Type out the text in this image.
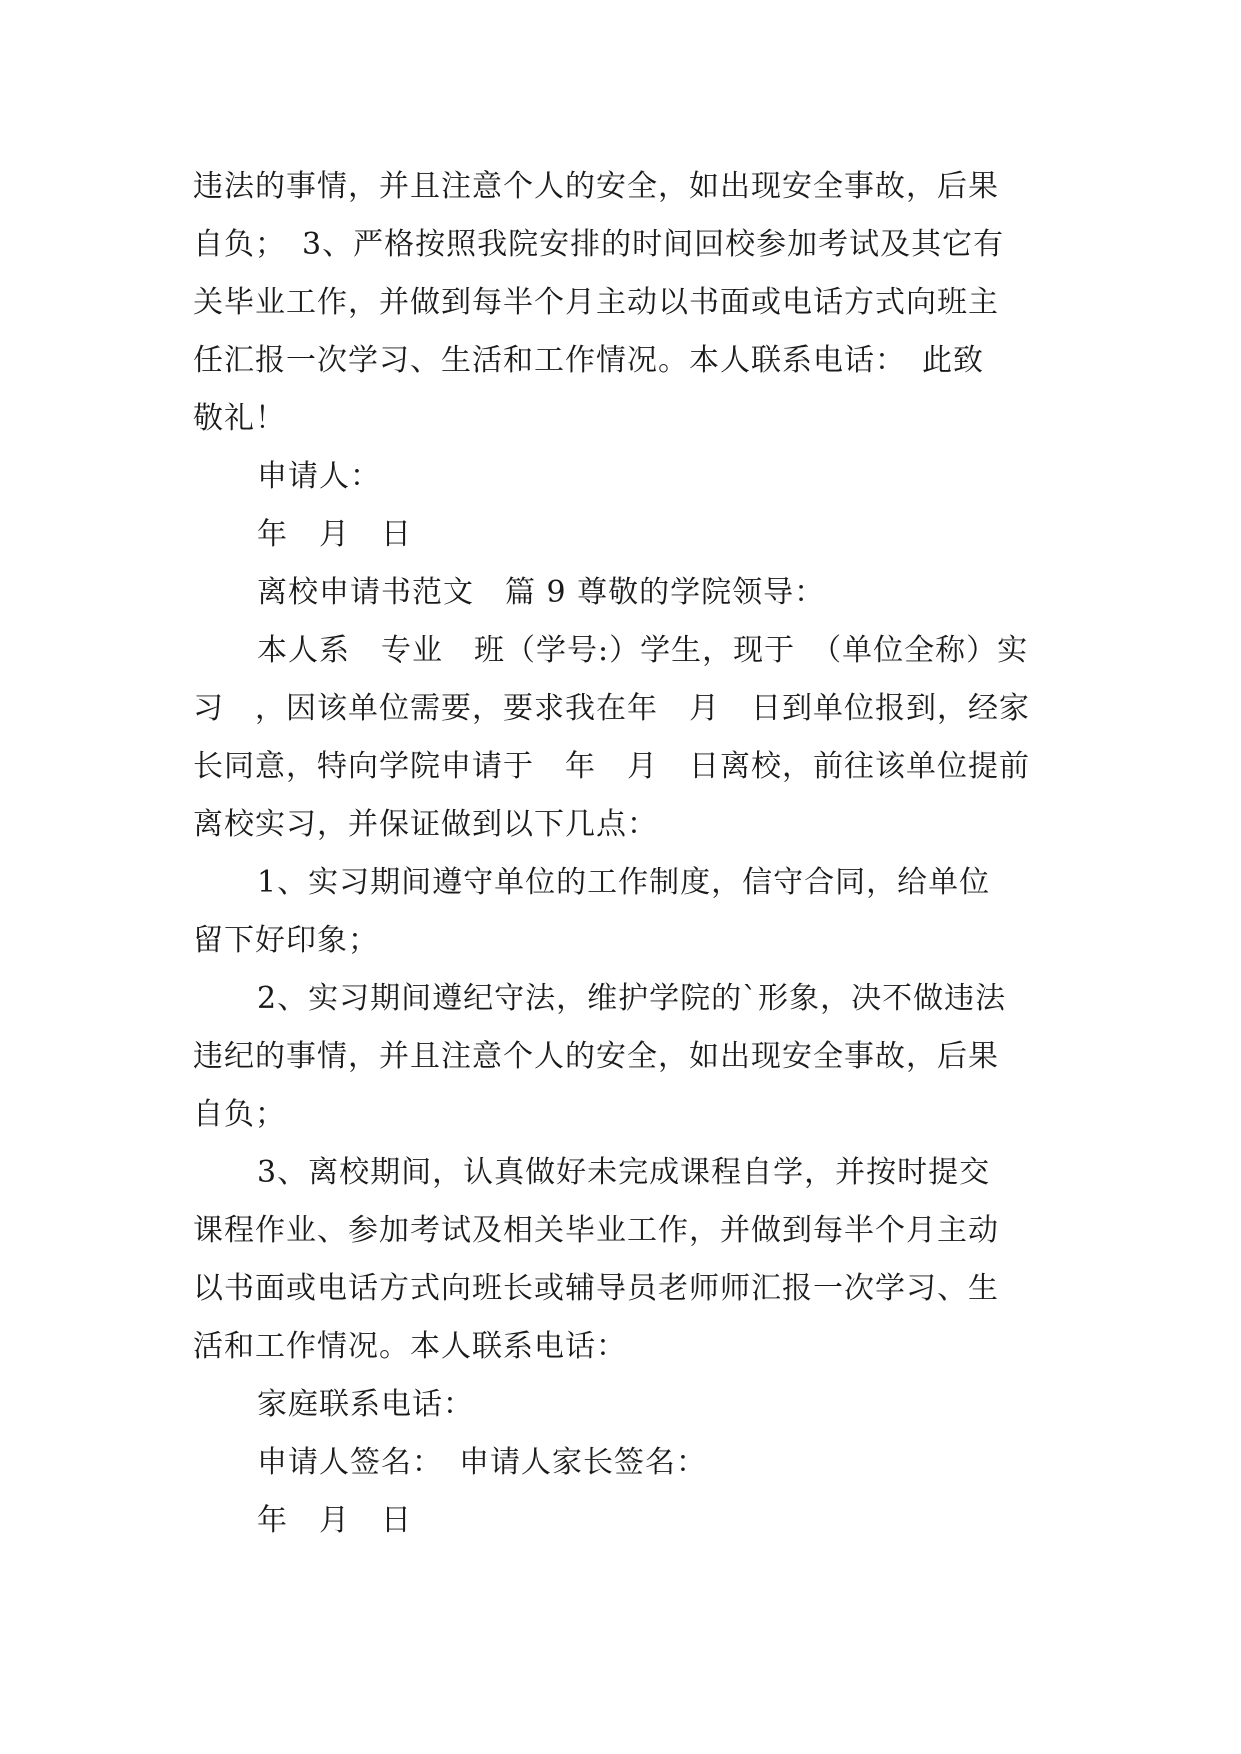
违法的事情，并且注意个人的安全，如出现安全事故，后果
自负；　3、严格按照我院安排的时间回校参加考试及其它有
关毕业工作，并做到每半个月主动以书面或电话方式向班主
任汇报一次学习、生活和工作情况。本人联系电话：　此致
敬礼！
申请人：
年　月　日
离校申请书范文　篇 9 尊敬的学院领导：
本人系　专业　班（学号:）学生，现于　（单位全称）实
习　，因该单位需要，要求我在年　月　日到单位报到，经家
长同意，特向学院申请于　年　月　日离校，前往该单位提前
离校实习，并保证做到以下几点：
1、实习期间遵守单位的工作制度，信守合同，给单位
留下好印象；
2、实习期间遵纪守法，维护学院的`形象，决不做违法
违纪的事情，并且注意个人的安全，如出现安全事故，后果
自负；
3、离校期间，认真做好未完成课程自学，并按时提交
课程作业、参加考试及相关毕业工作，并做到每半个月主动
以书面或电话方式向班长或辅导员老师师汇报一次学习、生
活和工作情况。本人联系电话：
家庭联系电话：
申请人签名：　申请人家长签名：
年　月　日
